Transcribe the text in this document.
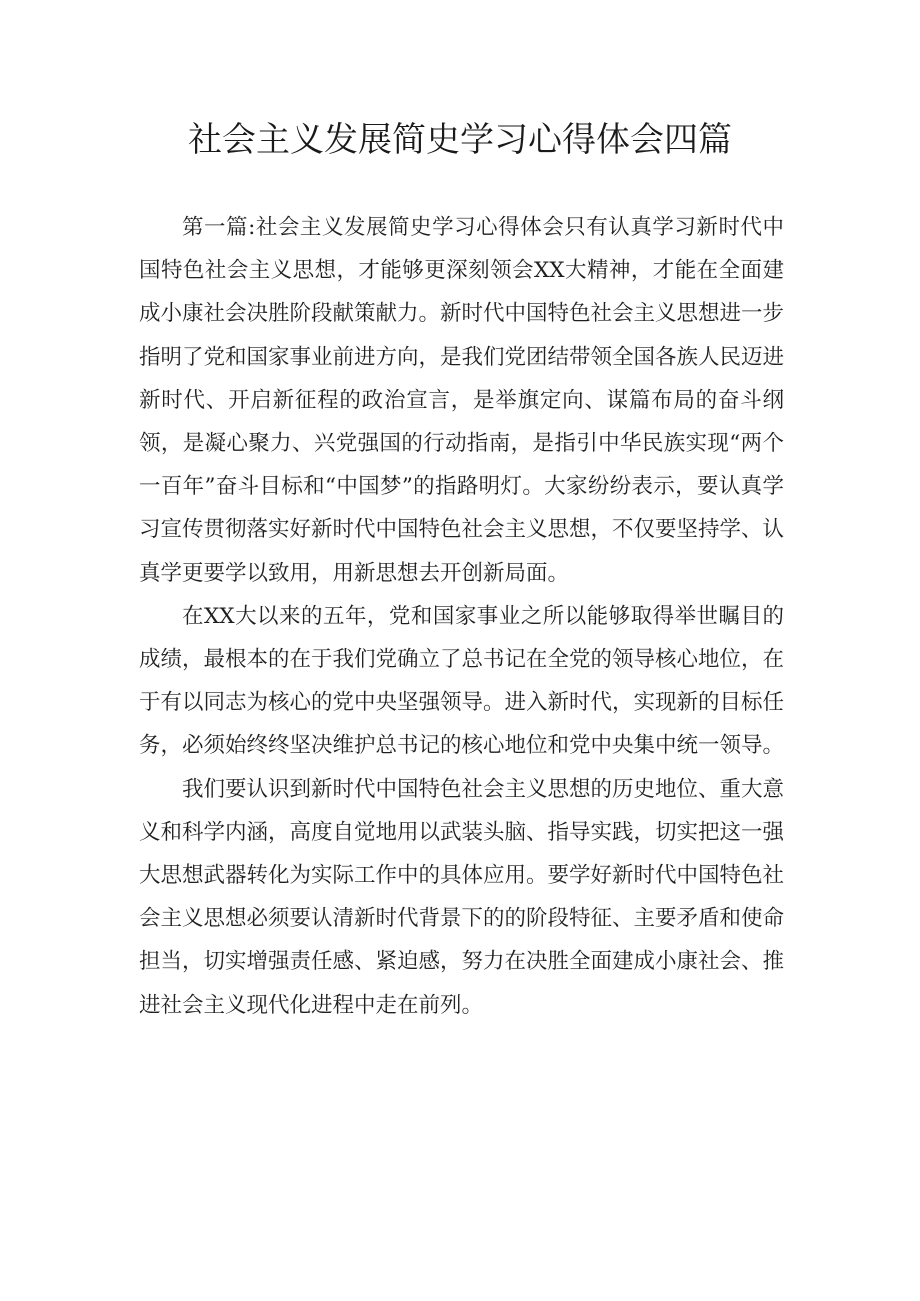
社会主义发展简史学习心得体会四篇

第一篇:社会主义发展简史学习心得体会只有认真学习新时代中国特色社会主义思想，才能够更深刻领会XX大精神，才能在全面建成小康社会决胜阶段献策献力。新时代中国特色社会主义思想进一步指明了党和国家事业前进方向，是我们党团结带领全国各族人民迈进新时代、开启新征程的政治宣言，是举旗定向、谋篇布局的奋斗纲领，是凝心聚力、兴党强国的行动指南，是指引中华民族实现“两个一百年”奋斗目标和“中国梦”的指路明灯。大家纷纷表示，要认真学习宣传贯彻落实好新时代中国特色社会主义思想，不仅要坚持学、认真学更要学以致用，用新思想去开创新局面。

在XX大以来的五年，党和国家事业之所以能够取得举世瞩目的成绩，最根本的在于我们党确立了总书记在全党的领导核心地位，在于有以同志为核心的党中央坚强领导。进入新时代，实现新的目标任务，必须始终终坚决维护总书记的核心地位和党中央集中统一领导。

我们要认识到新时代中国特色社会主义思想的历史地位、重大意义和科学内涵，高度自觉地用以武装头脑、指导实践，切实把这一强大思想武器转化为实际工作中的具体应用。要学好新时代中国特色社会主义思想必须要认清新时代背景下的的阶段特征、主要矛盾和使命担当，切实增强责任感、紧迫感，努力在决胜全面建成小康社会、推进社会主义现代化进程中走在前列。
